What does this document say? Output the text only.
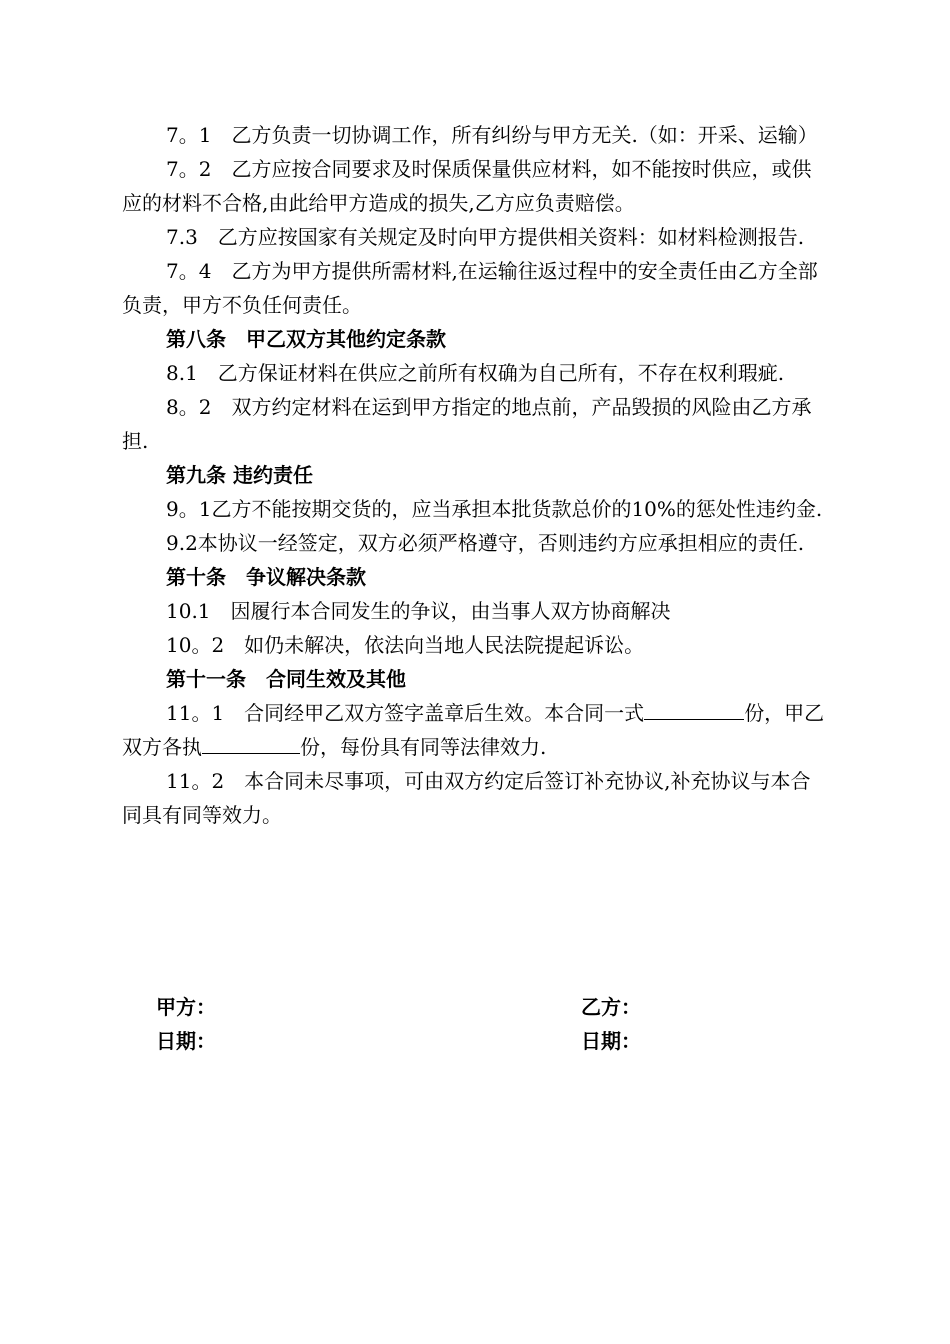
7。1　乙方负责一切协调工作，所有纠纷与甲方无关.（如：开采、运输）

7。2　乙方应按合同要求及时保质保量供应材料，如不能按时供应，或供应的材料不合格,由此给甲方造成的损失,乙方应负责赔偿。

7.3　乙方应按国家有关规定及时向甲方提供相关资料：如材料检测报告.

7。4　乙方为甲方提供所需材料,在运输往返过程中的安全责任由乙方全部负责，甲方不负任何责任。

第八条　甲乙双方其他约定条款

8.1　乙方保证材料在供应之前所有权确为自己所有，不存在权利瑕疵.

8。2　双方约定材料在运到甲方指定的地点前，产品毁损的风险由乙方承担.

第九条 违约责任

9。1乙方不能按期交货的，应当承担本批货款总价的10%的惩处性违约金.

9.2本协议一经签定，双方必须严格遵守，否则违约方应承担相应的责任.

第十条　争议解决条款

10.1　因履行本合同发生的争议，由当事人双方协商解决

10。2　如仍未解决，依法向当地人民法院提起诉讼。

第十一条　合同生效及其他

11。1　合同经甲乙双方签字盖章后生效。本合同一式	份，甲乙双方各执	份，每份具有同等法律效力.

11。2　本合同未尽事项，可由双方约定后签订补充协议,补充协议与本合同具有同等效力。

甲方：	乙方：
日期：	日期：
